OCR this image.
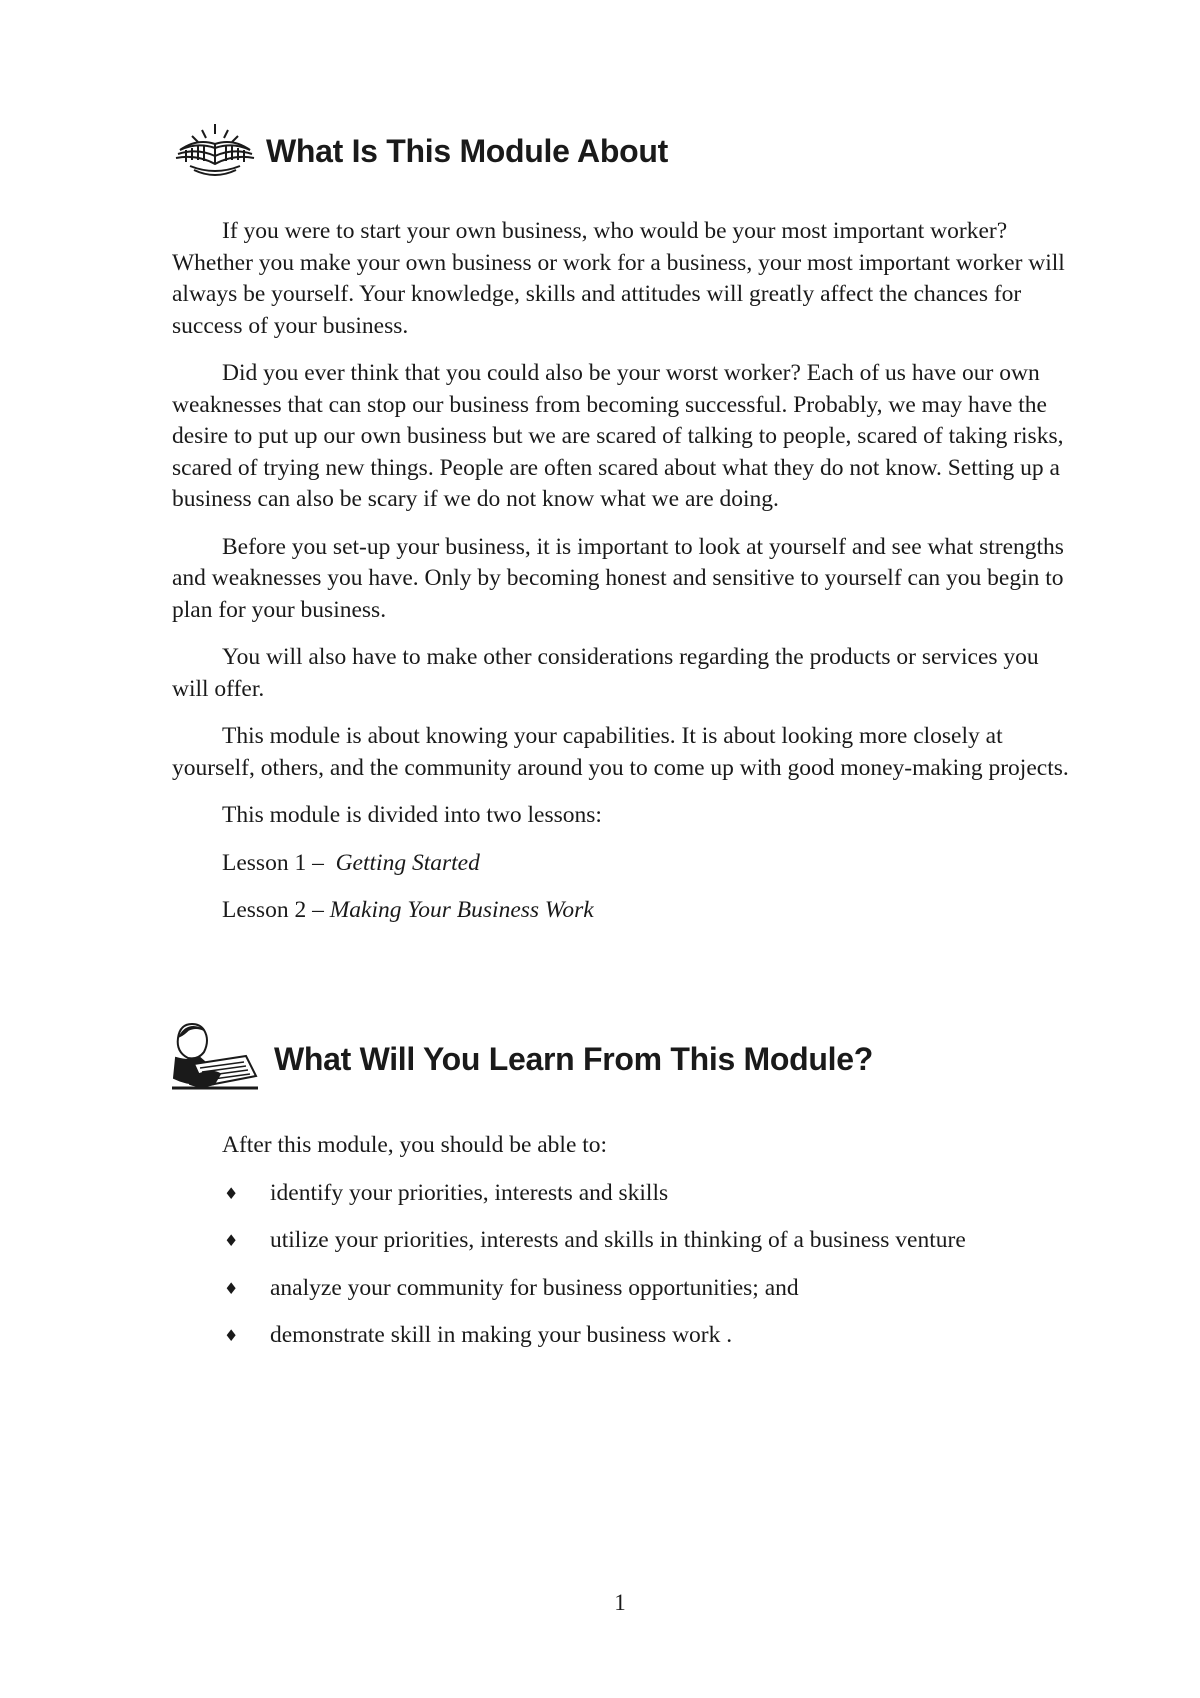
What Is This Module About

If you were to start your own business, who would be your most important worker? Whether you make your own business or work for a business, your most important worker will always be yourself. Your knowledge, skills and attitudes will greatly affect the chances for success of your business.

Did you ever think that you could also be your worst worker? Each of us have our own weaknesses that can stop our business from becoming successful. Probably, we may have the desire to put up our own business but we are scared of talking to people, scared of taking risks, scared of trying new things. People are often scared about what they do not know. Setting up a business can also be scary if we do not know what we are doing.

Before you set-up your business, it is important to look at yourself and see what strengths and weaknesses you have. Only by becoming honest and sensitive to yourself can you begin to plan for your business.

You will also have to make other considerations regarding the products or services you will offer.

This module is about knowing your capabilities. It is about looking more closely at yourself, others, and the community around you to come up with good money-making projects.

This module is divided into two lessons:

Lesson 1 – Getting Started
Lesson 2 – Making Your Business Work
What Will You Learn From This Module?

After this module, you should be able to:

♦ identify your priorities, interests and skills
♦ utilize your priorities, interests and skills in thinking of a business venture
♦ analyze your community for business opportunities; and
♦ demonstrate skill in making your business work .
1
